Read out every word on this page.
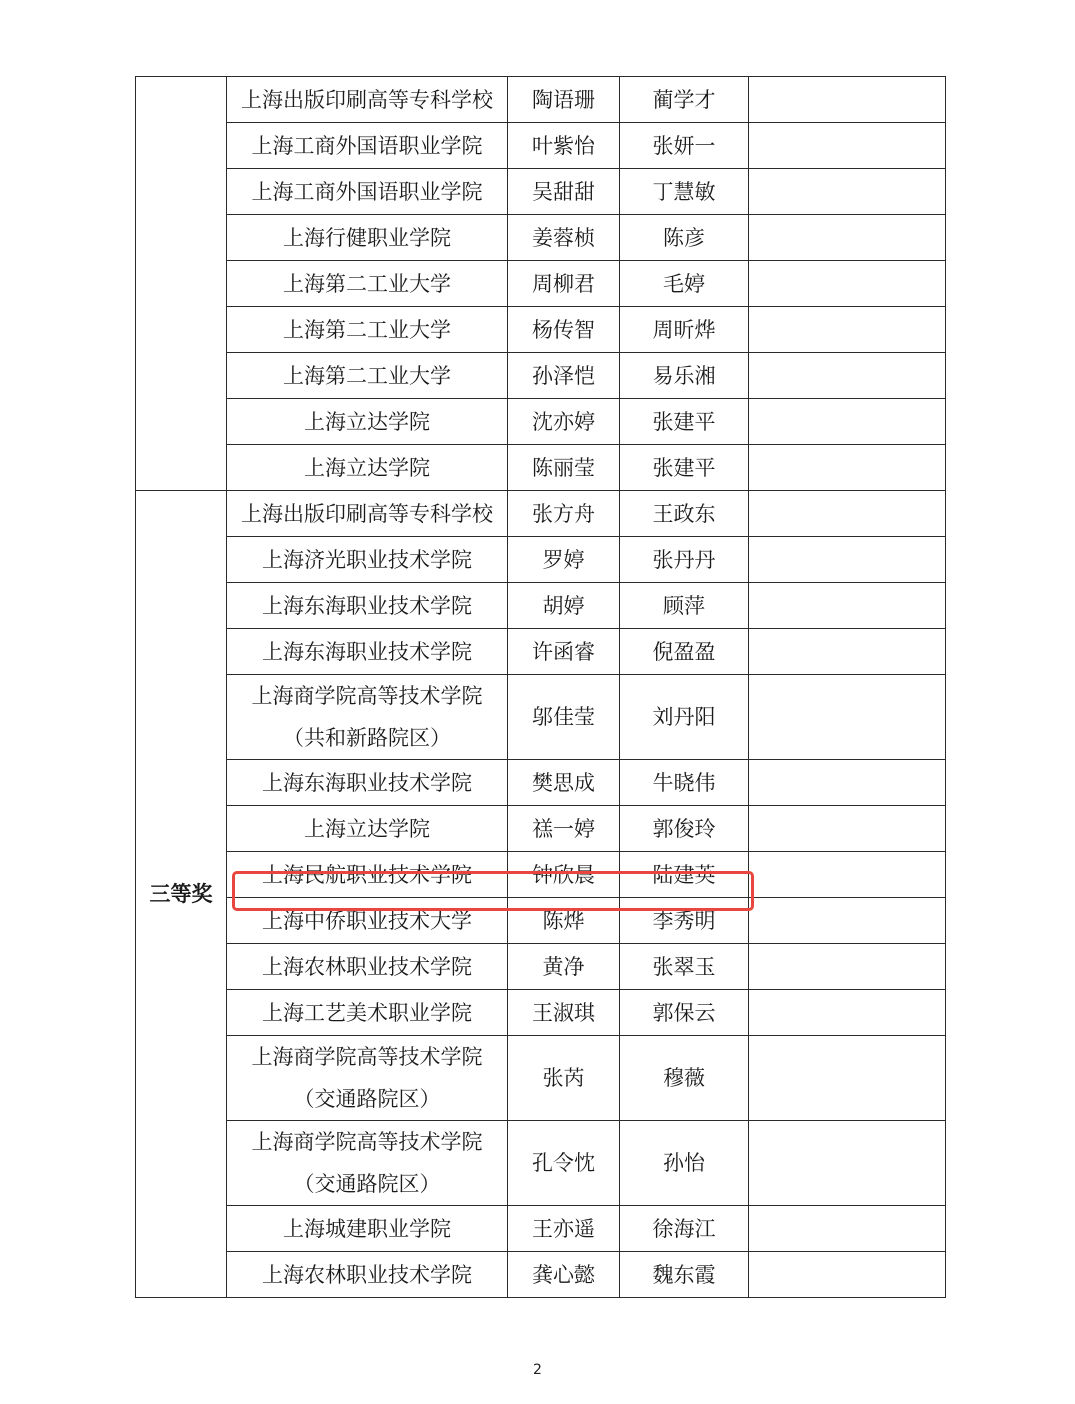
	上海出版印刷高等专科学校	陶语珊	蔺学才	

	上海工商外国语职业学院	叶紫怡	张妍一	

	上海工商外国语职业学院	吴甜甜	丁慧敏	

	上海行健职业学院	姜蓉桢	陈彦	

	上海第二工业大学	周柳君	毛婷	

	上海第二工业大学	杨传智	周昕烨	

	上海第二工业大学	孙泽恺	易乐湘	

	上海立达学院	沈亦婷	张建平	

	上海立达学院	陈丽莹	张建平	
三等奖	上海出版印刷高等专科学校	张方舟	王政东	

	上海济光职业技术学院	罗婷	张丹丹	

	上海东海职业技术学院	胡婷	顾萍	

	上海东海职业技术学院	许函睿	倪盈盈	

	上海商学院高等技术学院
（共和新路院区）	邬佳莹	刘丹阳	

	上海东海职业技术学院	樊思成	牛晓伟	

	上海立达学院	禚一婷	郭俊玲	

	上海民航职业技术学院	钟欣晨	陆建英	

	上海中侨职业技术大学	陈烨	李秀明	

	上海农林职业技术学院	黄净	张翠玉	

	上海工艺美术职业学院	王淑琪	郭保云	

	上海商学院高等技术学院
（交通路院区）	张芮	穆薇	

	上海商学院高等技术学院
（交通路院区）	孔令忱	孙怡	

	上海城建职业学院	王亦遥	徐海江	

	上海农林职业技术学院	龚心懿	魏东霞	
2
